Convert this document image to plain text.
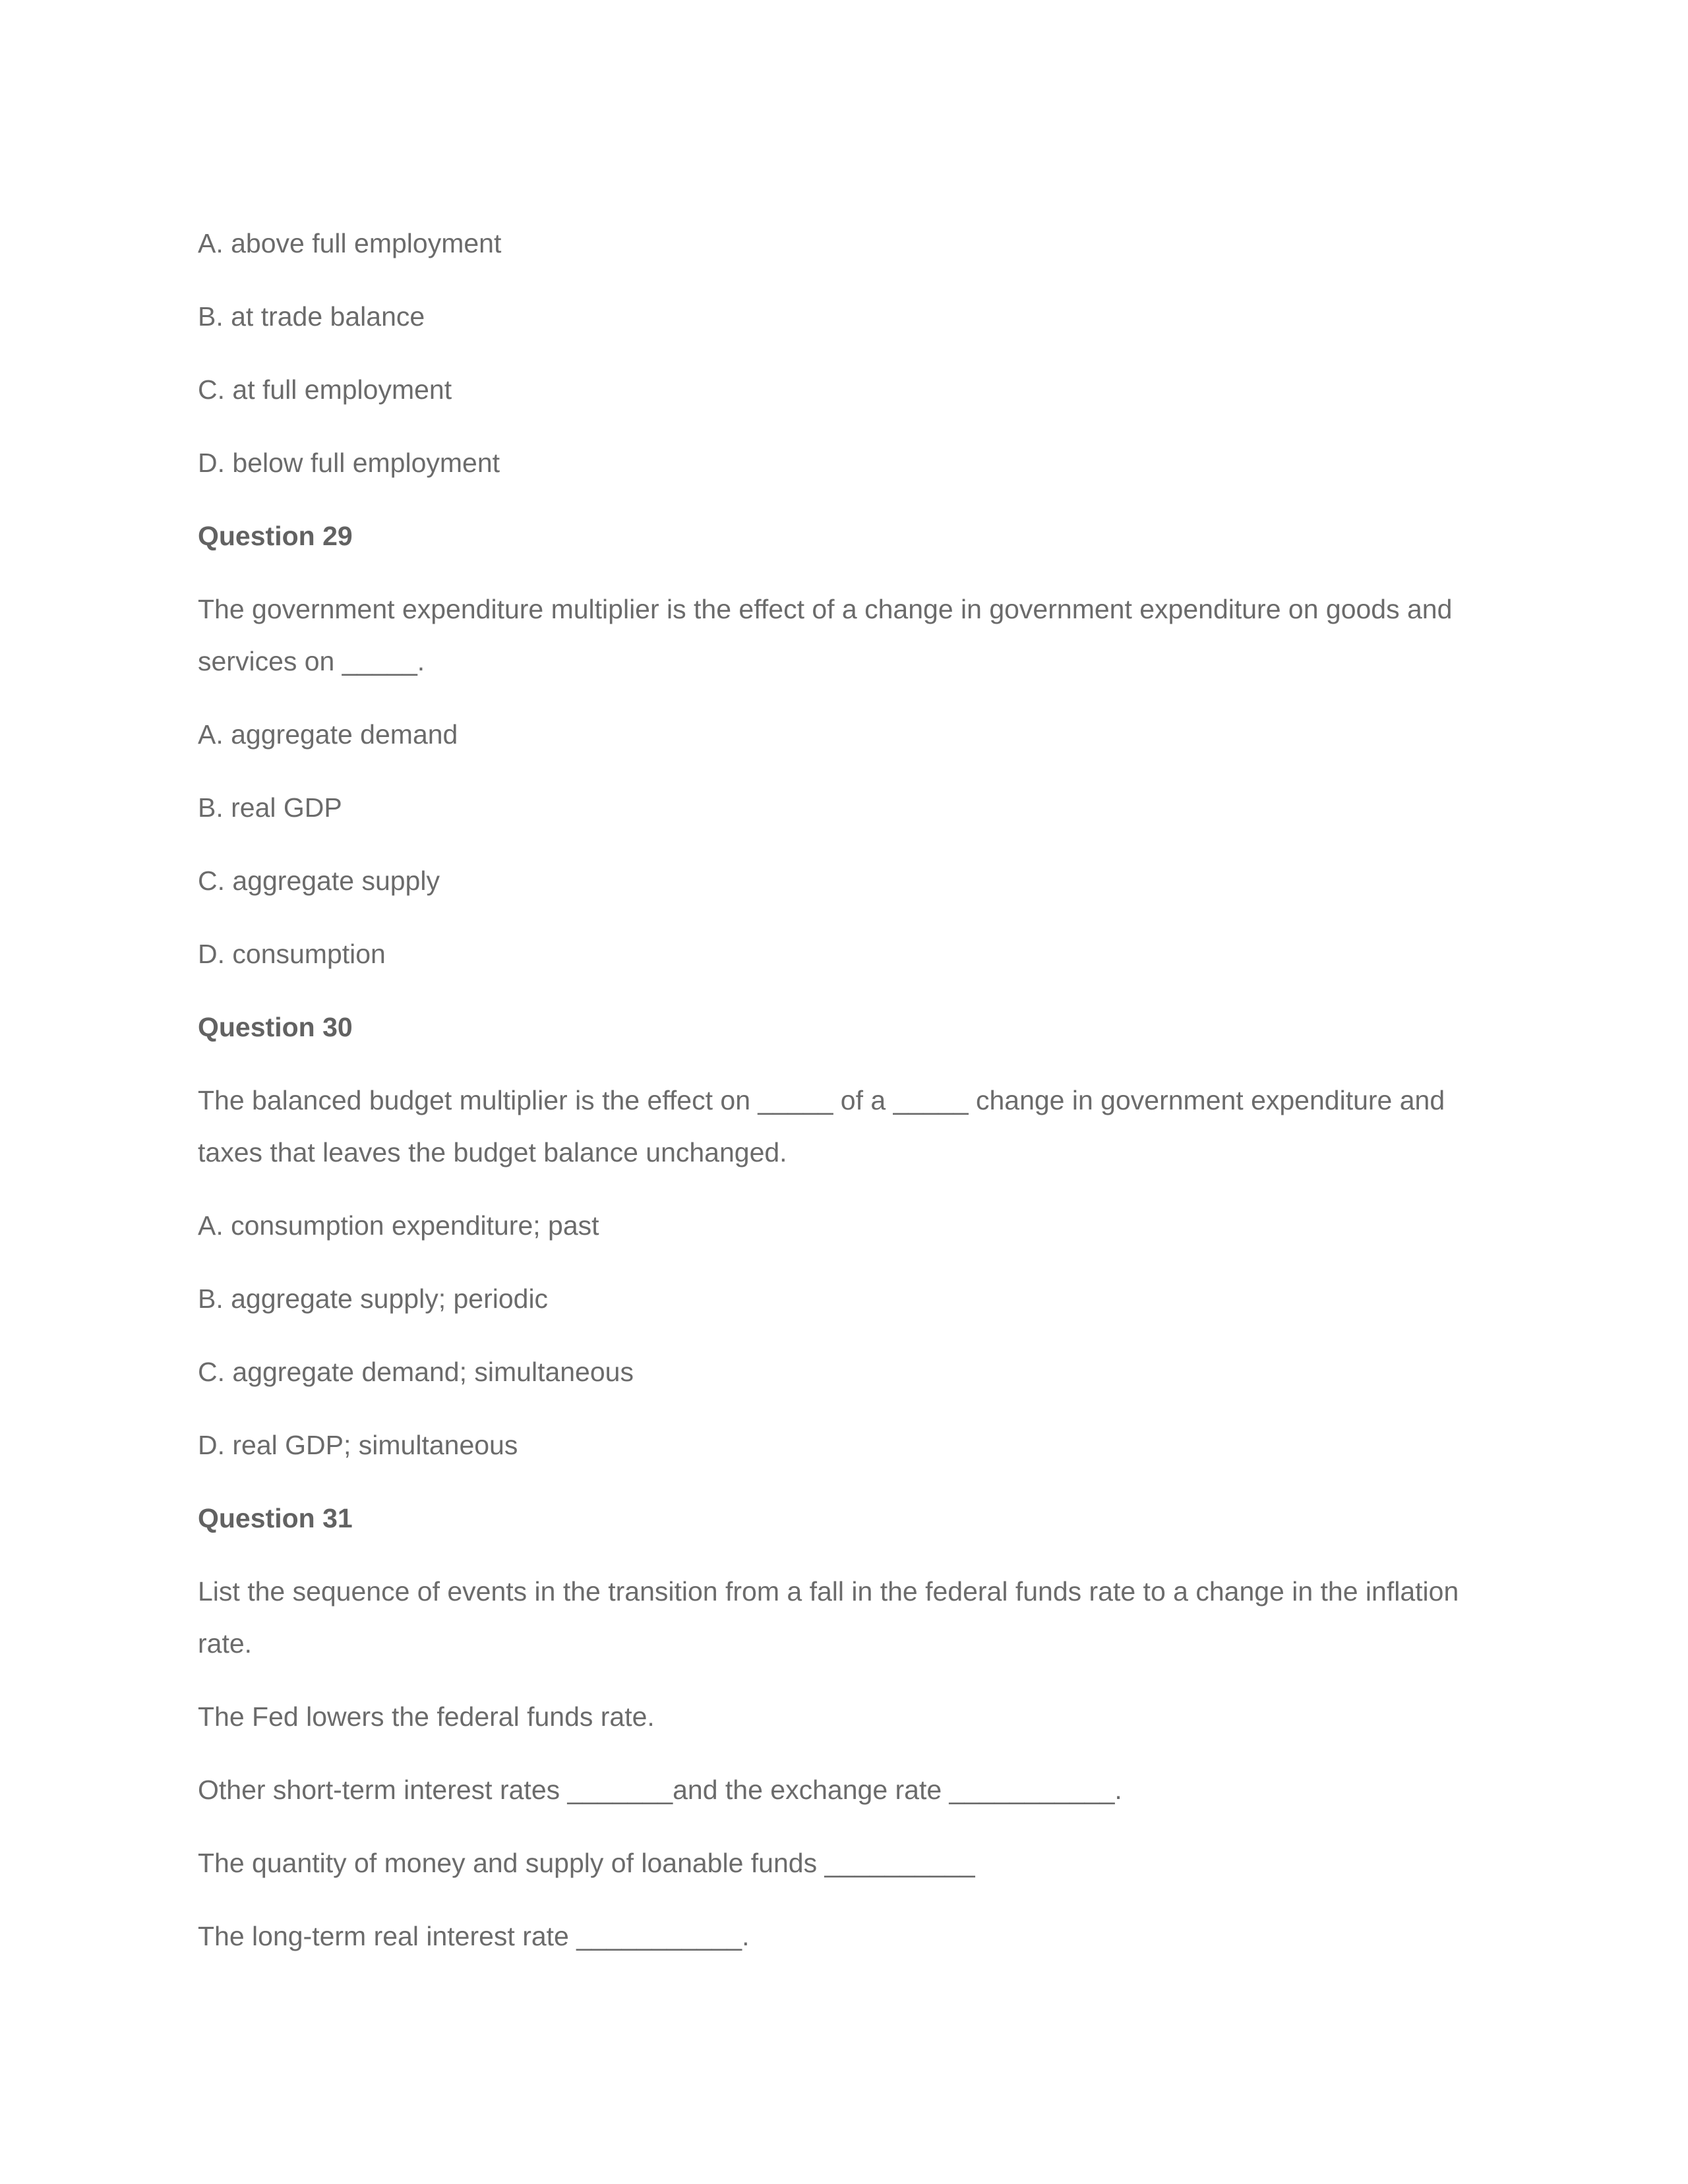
A. above full employment
B. at trade balance
C. at full employment
D. below full employment
Question 29
The government expenditure multiplier is the effect of a change in government expenditure on goods and
services on _____.
A. aggregate demand
B. real GDP
C. aggregate supply
D. consumption
Question 30
The balanced budget multiplier is the effect on _____ of a _____ change in government expenditure and
taxes that leaves the budget balance unchanged.
A. consumption expenditure; past
B. aggregate supply; periodic
C. aggregate demand; simultaneous
D. real GDP; simultaneous
Question 31
List the sequence of events in the transition from a fall in the federal funds rate to a change in the inflation
rate.
The Fed lowers the federal funds rate.
Other short-term interest rates _______and the exchange rate ___________.
The quantity of money and supply of loanable funds __________
The long-term real interest rate ___________.
